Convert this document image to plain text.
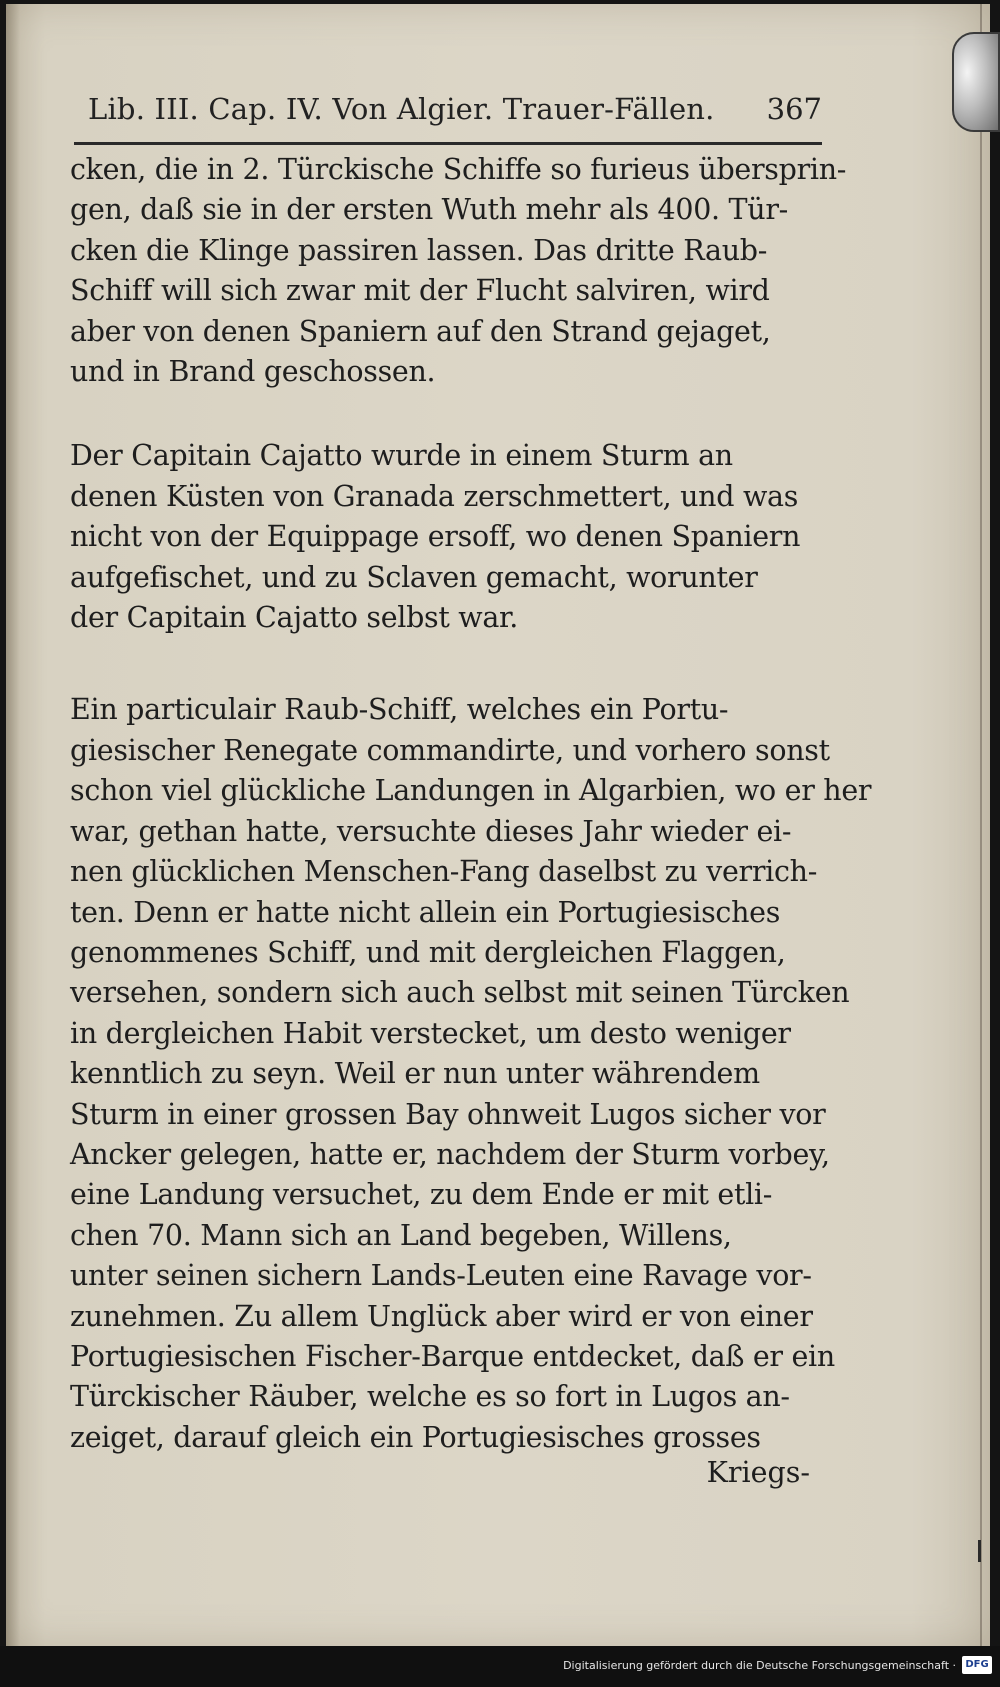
Lib. III. Cap. IV. Von Algier. Trauer-Fällen. 367

cken, die in 2. Türckische Schiffe so furieus übersprin-
gen, daß sie in der ersten Wuth mehr als 400. Tür-
cken die Klinge passiren lassen. Das dritte Raub-
Schiff will sich zwar mit der Flucht salviren, wird
aber von denen Spaniern auf den Strand gejaget,
und in Brand geschossen.

Der Capitain Cajatto wurde in einem Sturm an
denen Küsten von Granada zerschmettert, und was
nicht von der Equippage ersoff, wo denen Spaniern
aufgefischet, und zu Sclaven gemacht, worunter
der Capitain Cajatto selbst war.

Ein particulair Raub-Schiff, welches ein Portu-
giesischer Renegate commandirte, und vorhero sonst
schon viel glückliche Landungen in Algarbien, wo er her
war, gethan hatte, versuchte dieses Jahr wieder ei-
nen glücklichen Menschen-Fang daselbst zu verrich-
ten. Denn er hatte nicht allein ein Portugiesisches
genommenes Schiff, und mit dergleichen Flaggen,
versehen, sondern sich auch selbst mit seinen Türcken
in dergleichen Habit verstecket, um desto weniger
kenntlich zu seyn. Weil er nun unter währendem
Sturm in einer grossen Bay ohnweit Lugos sicher vor
Ancker gelegen, hatte er, nachdem der Sturm vorbey,
eine Landung versuchet, zu dem Ende er mit etli-
chen 70. Mann sich an Land begeben, Willens,
unter seinen sichern Lands-Leuten eine Ravage vor-
zunehmen. Zu allem Unglück aber wird er von einer
Portugiesischen Fischer-Barque entdecket, daß er ein
Türckischer Räuber, welche es so fort in Lugos an-
zeiget, darauf gleich ein Portugiesisches grosses

Kriegs-
Digitalisierung gefördert durch die Deutsche Forschungsgemeinschaft · DFG
